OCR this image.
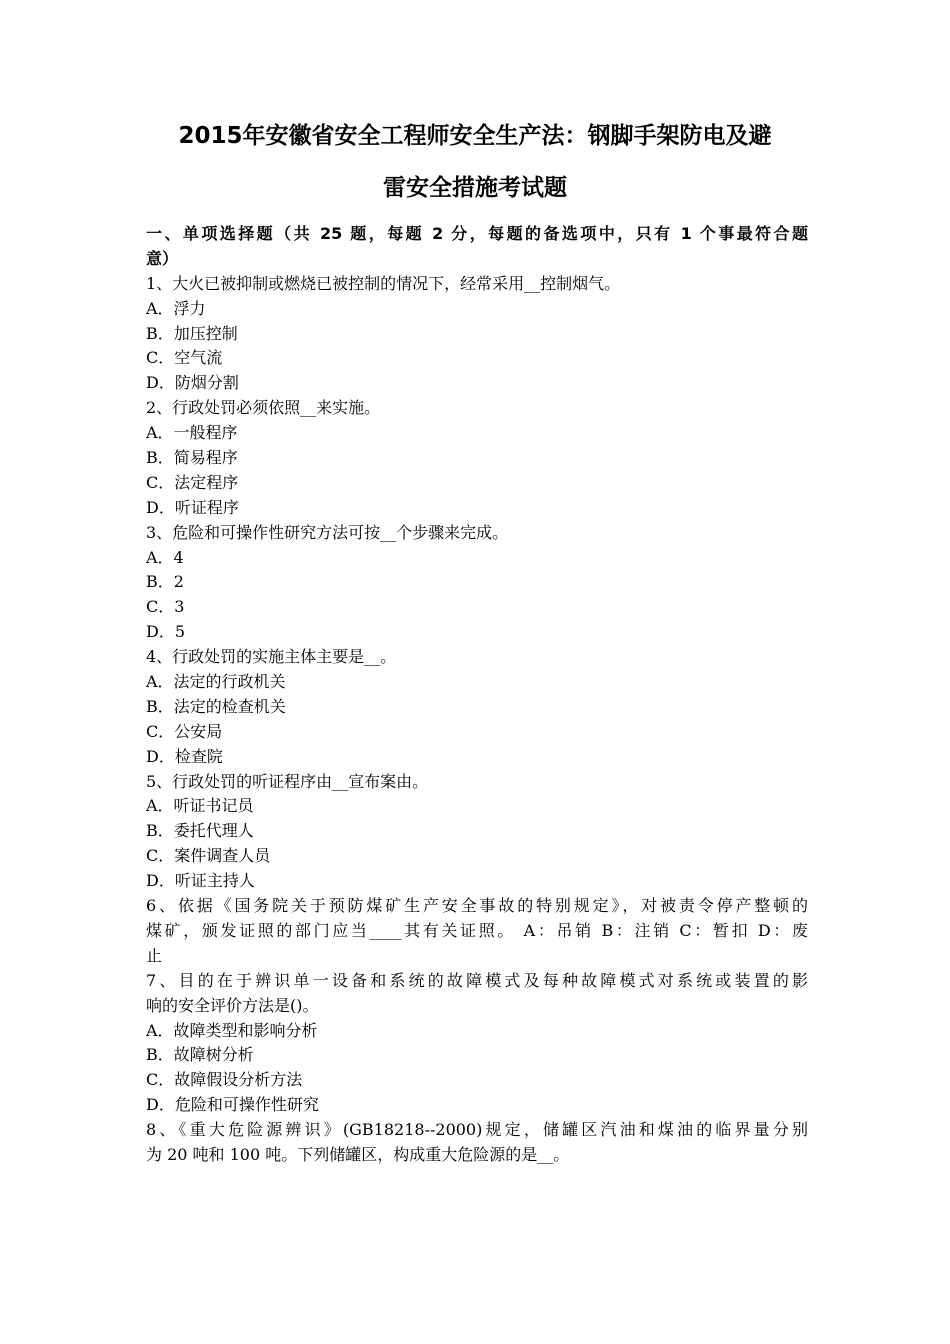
2015年安徽省安全工程师安全生产法：钢脚手架防电及避
雷安全措施考试题
一、单项选择题（共 25 题，每题 2 分，每题的备选项中，只有 1 个事最符合题
意）
1、大火已被抑制或燃烧已被控制的情况下，经常采用__控制烟气。
A．浮力
B．加压控制
C．空气流
D．防烟分割
2、行政处罚必须依照__来实施。
A．一般程序
B．简易程序
C．法定程序
D．听证程序
3、危险和可操作性研究方法可按__个步骤来完成。
A．4
B．2
C．3
D．5
4、行政处罚的实施主体主要是__。
A．法定的行政机关
B．法定的检查机关
C．公安局
D．检查院
5、行政处罚的听证程序由__宣布案由。
A．听证书记员
B．委托代理人
C．案件调查人员
D．听证主持人
6、依据《国务院关于预防煤矿生产安全事故的特别规定》，对被责令停产整顿的
煤矿，颁发证照的部门应当____其有关证照。 A：吊销 B：注销 C：暂扣 D：废
止
7、目的在于辨识单一设备和系统的故障模式及每种故障模式对系统或装置的影
响的安全评价方法是()。
A．故障类型和影响分析
B．故障树分析
C．故障假设分析方法
D．危险和可操作性研究
8、《重大危险源辨识》(GB18218--2000)规定，储罐区汽油和煤油的临界量分别
为 20 吨和 100 吨。下列储罐区，构成重大危险源的是__。
